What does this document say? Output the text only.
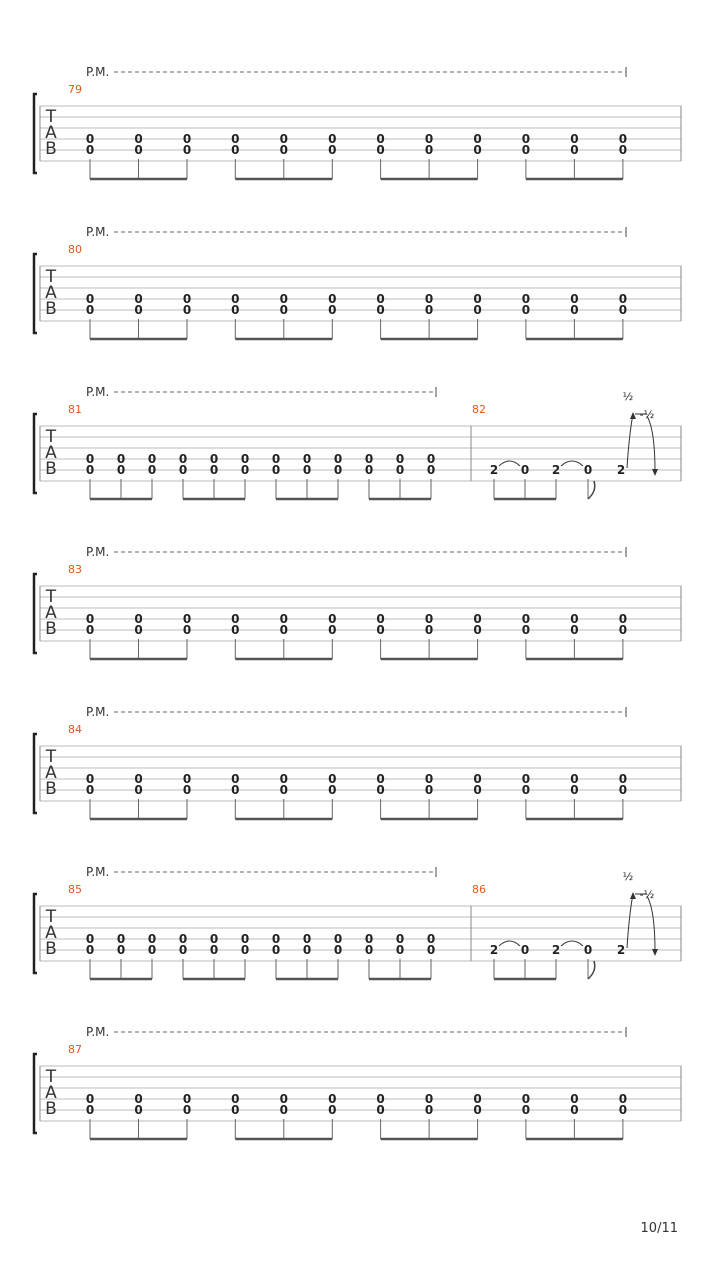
P.M.
T
A
B
79
0
0
0
0
0
0
0
0
0
0
0
0
0
0
0
0
0
0
0
0
0
0
0
0
P.M.
T
A
B
80
0
0
0
0
0
0
0
0
0
0
0
0
0
0
0
0
0
0
0
0
0
0
0
0
P.M.
T
A
B
81	82
0
0
0
0
0
0
0
0
0
0
0
0
0
0
0
0
0
0
0
0
0
0
0
0	2 0 2 0 2
½
-½
P.M.
T
A
B
83
0
0
0
0
0
0
0
0
0
0
0
0
0
0
0
0
0
0
0
0
0
0
0
0
P.M.
T
A
B
84
0
0
0
0
0
0
0
0
0
0
0
0
0
0
0
0
0
0
0
0
0
0
0
0
P.M.
T
A
B
85	86
0
0
0
0
0
0
0
0
0
0
0
0
0
0
0
0
0
0
0
0
0
0
0
0	2 0 2 0 2
½
-½
P.M.
T
A
B
87
0
0
0
0
0
0
0
0
0
0
0
0
0
0
0
0
0
0
0
0
0
0
0
0
10/11
